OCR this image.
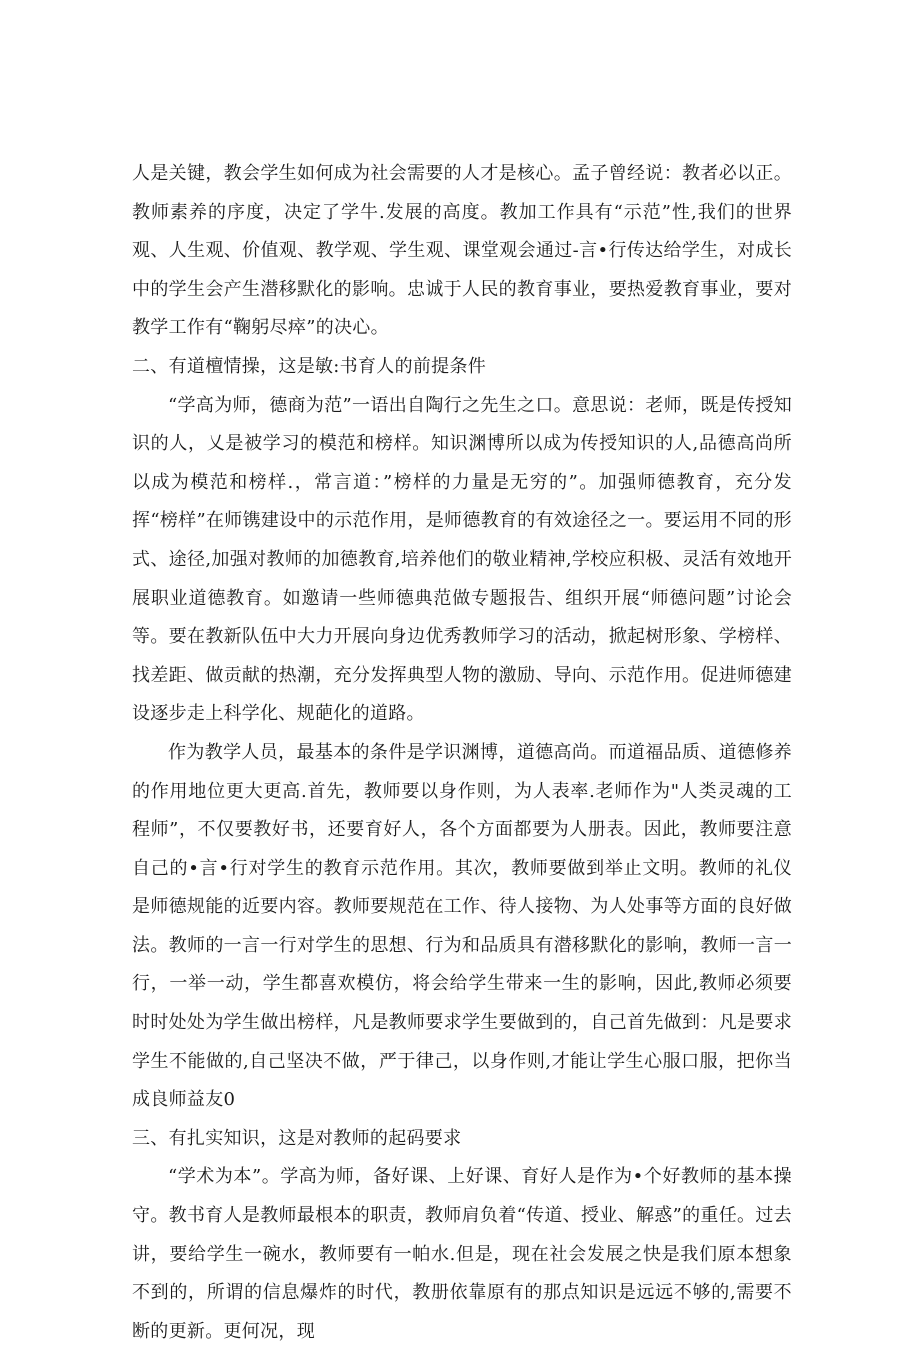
人是关键，教会学生如何成为社会需要的人才是核心。孟子曾经说：教者必以正。教师素养的序度，决定了学牛.发展的高度。教加工作具有“示范”性,我们的世界观、人生观、价值观、教学观、学生观、课堂观会通过-言•行传达给学生，对成长中的学生会产生潜移默化的影响。忠诚于人民的教育事业，要热爱教育事业，要对教学工作有“鞠躬尽瘁”的决心。

二、有道檀情操，这是敏:书育人的前提条件

“学高为师，德商为范”一语出自陶行之先生之口。意思说：老师，既是传授知识的人，乂是被学习的模范和榜样。知识渊博所以成为传授知识的人,品德高尚所以成为模范和榜样.，常言道：”榜样的力量是无穷的”。加强师德教育，充分发挥“榜样”在师镌建设中的示范作用，是师德教育的有效途径之一。要运用不同的形式、途径,加强对教师的加德教育,培养他们的敬业精神,学校应积极、灵活有效地开展职业道德教育。如邀请一些师德典范做专题报告、组织开展“师德问题”讨论会等。要在教新队伍中大力开展向身边优秀教师学习的活动，掀起树形象、学榜样、找差距、做贡献的热潮，充分发挥典型人物的激励、导向、示范作用。促进师德建设逐步走上科学化、规葩化的道路。

作为教学人员，最基本的条件是学识渊博，道德高尚。而道福品质、道德修养的作用地位更大更高.首先，教师要以身作则，为人表率.老师作为"人类灵魂的工程师”，不仅要教好书，还要育好人，各个方面都要为人册表。因此，教师要注意自己的•言•行对学生的教育示范作用。其次，教师要做到举止文明。教师的礼仪是师德规能的近要内容。教师要规范在工作、待人接物、为人处事等方面的良好做法。教师的一言一行对学生的思想、行为和品质具有潜移默化的影响，教师一言一行，一举一动，学生都喜欢模仿，将会给学生带来一生的影响，因此,教师必须要时时处处为学生做出榜样，凡是教师要求学生要做到的，自己首先做到：凡是要求学生不能做的,自己坚决不做，严于律己，以身作则,才能让学生心服口服，把你当成良师益友0

三、有扎实知识，这是对教师的起码要求

“学术为本”。学高为师，备好课、上好课、育好人是作为•个好教师的基本操守。教书育人是教师最根本的职责，教师肩负着“传道、授业、解惑”的重任。过去讲，要给学生一碗水，教师要有一帕水.但是，现在社会发展之快是我们原本想象不到的，所谓的信息爆炸的时代，教册依靠原有的那点知识是远远不够的,需要不断的更新。更何况，现
